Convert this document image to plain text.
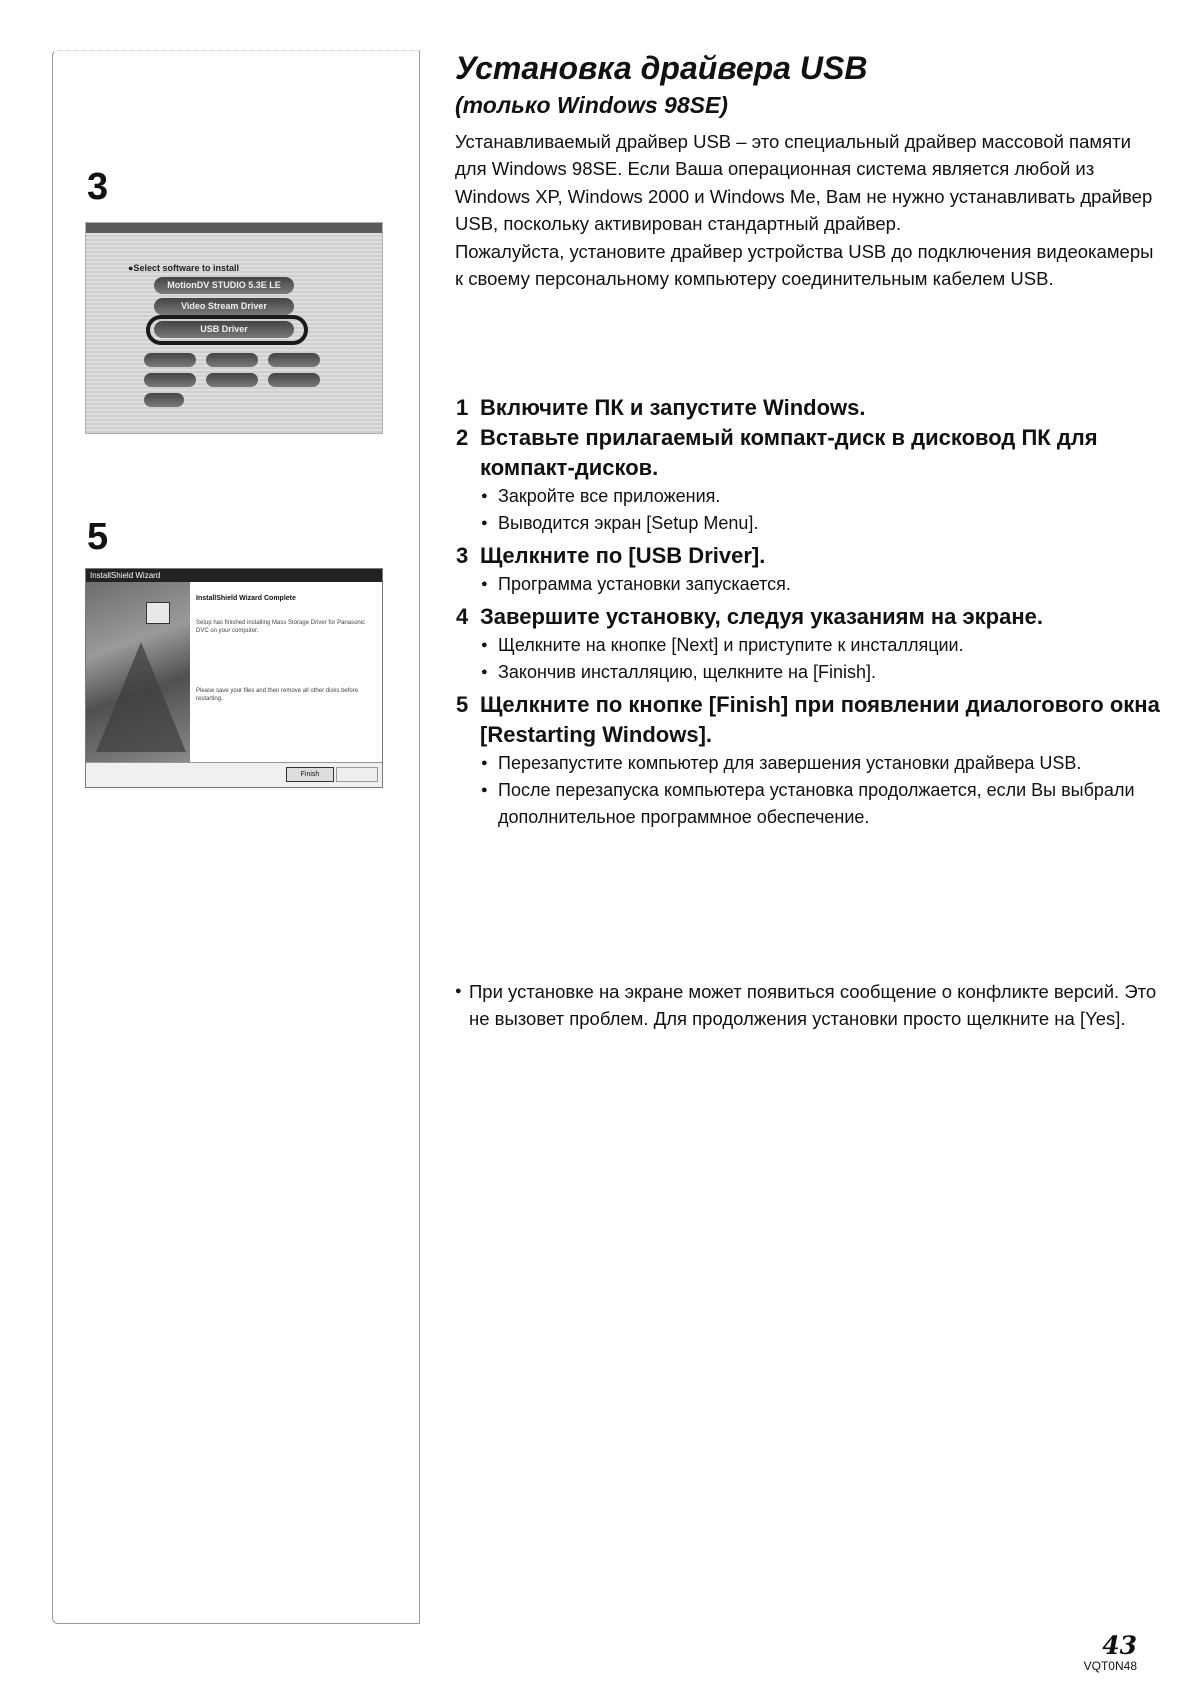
3
●Select software to install
MotionDV STUDIO 5.3E LE
Video Stream Driver
USB Driver
5
InstallShield Wizard
InstallShield Wizard Complete
Setup has finished installing Mass Storage Driver for Panasonic DVC on your computer.
Please save your files and then remove all other disks before restarting.
Finish
Установка драйвера USB
(только Windows 98SE)

Устанавливаемый драйвер USB – это специальный драйвер массовой памяти для Windows 98SE. Если Ваша операционная система является любой из Windows XP, Windows 2000 и Windows Me, Вам не нужно устанавливать драйвер USB, поскольку активирован стандартный драйвер.

Пожалуйста, установите драйвер устройства USB до подключения видеокамеры к своему персональному компьютеру соединительным кабелем USB.

1 Включите ПК и запустите Windows.
2 Вставьте прилагаемый компакт-диск в дисковод ПК для компакт-дисков.
● Закройте все приложения.
● Выводится экран [Setup Menu].
3 Щелкните по [USB Driver].
● Программа установки запускается.
4 Завершите установку, следуя указаниям на экране.
● Щелкните на кнопке [Next] и приступите к инсталляции.
● Закончив инсталляцию, щелкните на [Finish].
5 Щелкните по кнопке [Finish] при появлении диалогового окна [Restarting Windows].
● Перезапустите компьютер для завершения установки драйвера USB.
● После перезапуска компьютера установка продолжается, если Вы выбрали дополнительное программное обеспечение.
● При установке на экране может появиться сообщение о конфликте версий. Это не вызовет проблем. Для продолжения установки просто щелкните на [Yes].
43
VQT0N48
